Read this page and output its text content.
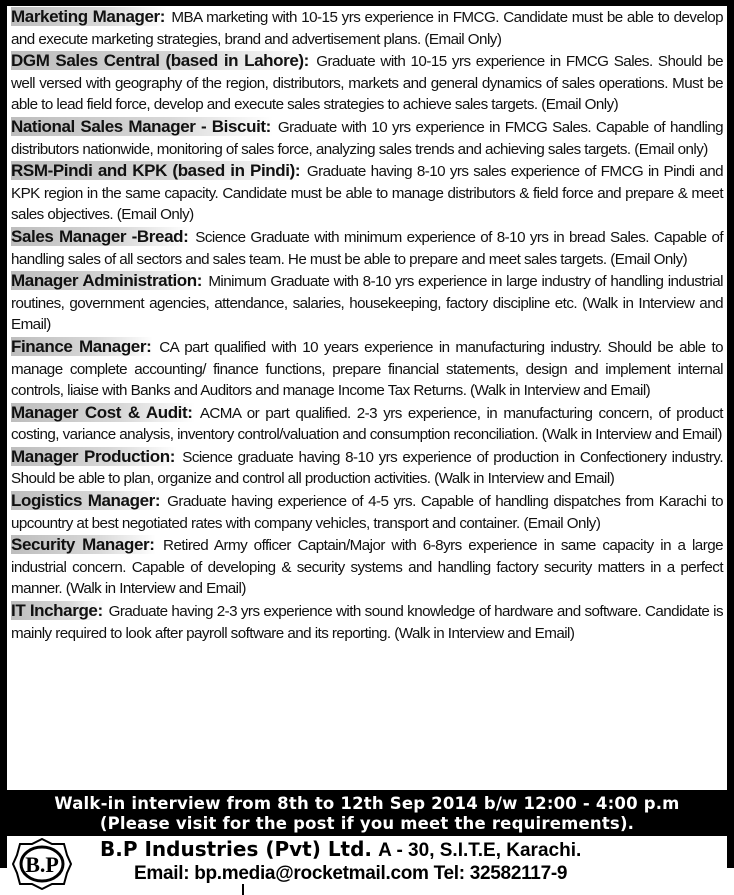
Marketing Manager: MBA marketing with 10-15 yrs experience in FMCG. Candidate must be able to develop and execute marketing strategies, brand and advertisement plans. (Email Only)

DGM Sales Central (based in Lahore): Graduate with 10-15 yrs experience in FMCG Sales. Should be well versed with geography of the region, distributors, markets and general dynamics of sales operations. Must be able to lead field force, develop and execute sales strategies to achieve sales targets. (Email Only)

National Sales Manager - Biscuit: Graduate with 10 yrs experience in FMCG Sales. Capable of handling distributors nationwide, monitoring of sales force, analyzing sales trends and achieving sales targets. (Email only)

RSM-Pindi and KPK (based in Pindi): Graduate having 8-10 yrs sales experience of FMCG in Pindi and KPK region in the same capacity. Candidate must be able to manage distributors & field force and prepare & meet sales objectives. (Email Only)

Sales Manager -Bread: Science Graduate with minimum experience of 8-10 yrs in bread Sales. Capable of handling sales of all sectors and sales team. He must be able to prepare and meet sales targets. (Email Only)

Manager Administration: Minimum Graduate with 8-10 yrs experience in large industry of handling industrial routines, government agencies, attendance, salaries, housekeeping, factory discipline etc. (Walk in Interview and Email)

Finance Manager: CA part qualified with 10 years experience in manufacturing industry. Should be able to manage complete accounting/ finance functions, prepare financial statements, design and implement internal controls, liaise with Banks and Auditors and manage Income Tax Returns. (Walk in Interview and Email)

Manager Cost & Audit: ACMA or part qualified. 2-3 yrs experience, in manufacturing concern, of product costing, variance analysis, inventory control/valuation and consumption reconciliation. (Walk in Interview and Email)

Manager Production: Science graduate having 8-10 yrs experience of production in Confectionery industry. Should be able to plan, organize and control all production activities. (Walk in Interview and Email)

Logistics Manager: Graduate having experience of 4-5 yrs. Capable of handling dispatches from Karachi to upcountry at best negotiated rates with company vehicles, transport and container. (Email Only)

Security Manager: Retired Army officer Captain/Major with 6-8yrs experience in same capacity in a large industrial concern. Capable of developing & security systems and handling factory security matters in a perfect manner. (Walk in Interview and Email)

IT Incharge: Graduate having 2-3 yrs experience with sound knowledge of hardware and software. Candidate is mainly required to look after payroll software and its reporting. (Walk in Interview and Email)

Walk-in interview from 8th to 12th Sep 2014 b/w 12:00 - 4:00 p.m
(Please visit for the post if you meet the requirements).
B.P
B.P Industries (Pvt) Ltd. A - 30, S.I.T.E, Karachi.
Email: bp.media@rocketmail.com Tel: 32582117-9
